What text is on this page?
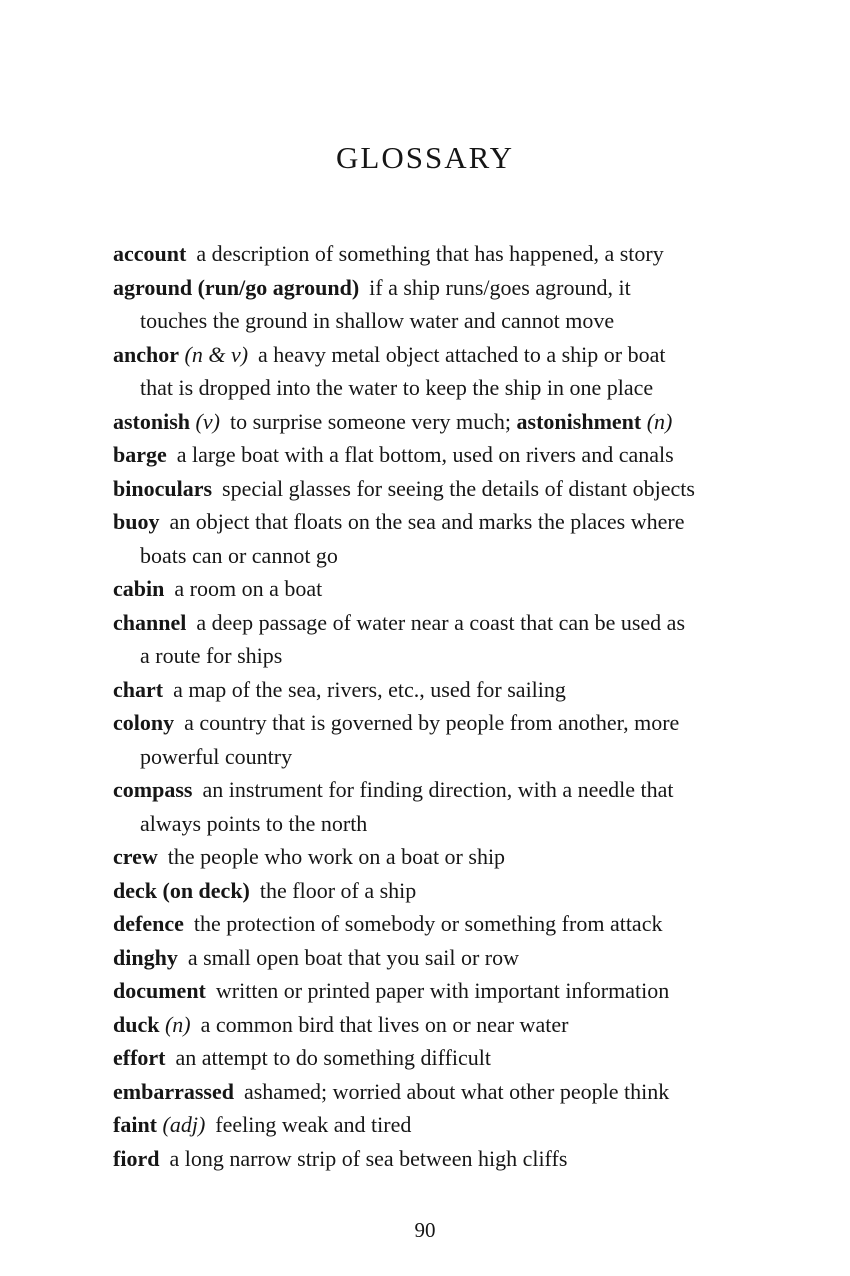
GLOSSARY
account a description of something that has happened, a story
aground (run/go aground) if a ship runs/goes aground, it
touches the ground in shallow water and cannot move
anchor (n & v) a heavy metal object attached to a ship or boat
that is dropped into the water to keep the ship in one place
astonish (v) to surprise someone very much; astonishment (n)
barge a large boat with a flat bottom, used on rivers and canals
binoculars special glasses for seeing the details of distant objects
buoy an object that floats on the sea and marks the places where
boats can or cannot go
cabin a room on a boat
channel a deep passage of water near a coast that can be used as
a route for ships
chart a map of the sea, rivers, etc., used for sailing
colony a country that is governed by people from another, more
powerful country
compass an instrument for finding direction, with a needle that
always points to the north
crew the people who work on a boat or ship
deck (on deck) the floor of a ship
defence the protection of somebody or something from attack
dinghy a small open boat that you sail or row
document written or printed paper with important information
duck (n) a common bird that lives on or near water
effort an attempt to do something difficult
embarrassed ashamed; worried about what other people think
faint (adj) feeling weak and tired
fiord a long narrow strip of sea between high cliffs
90
